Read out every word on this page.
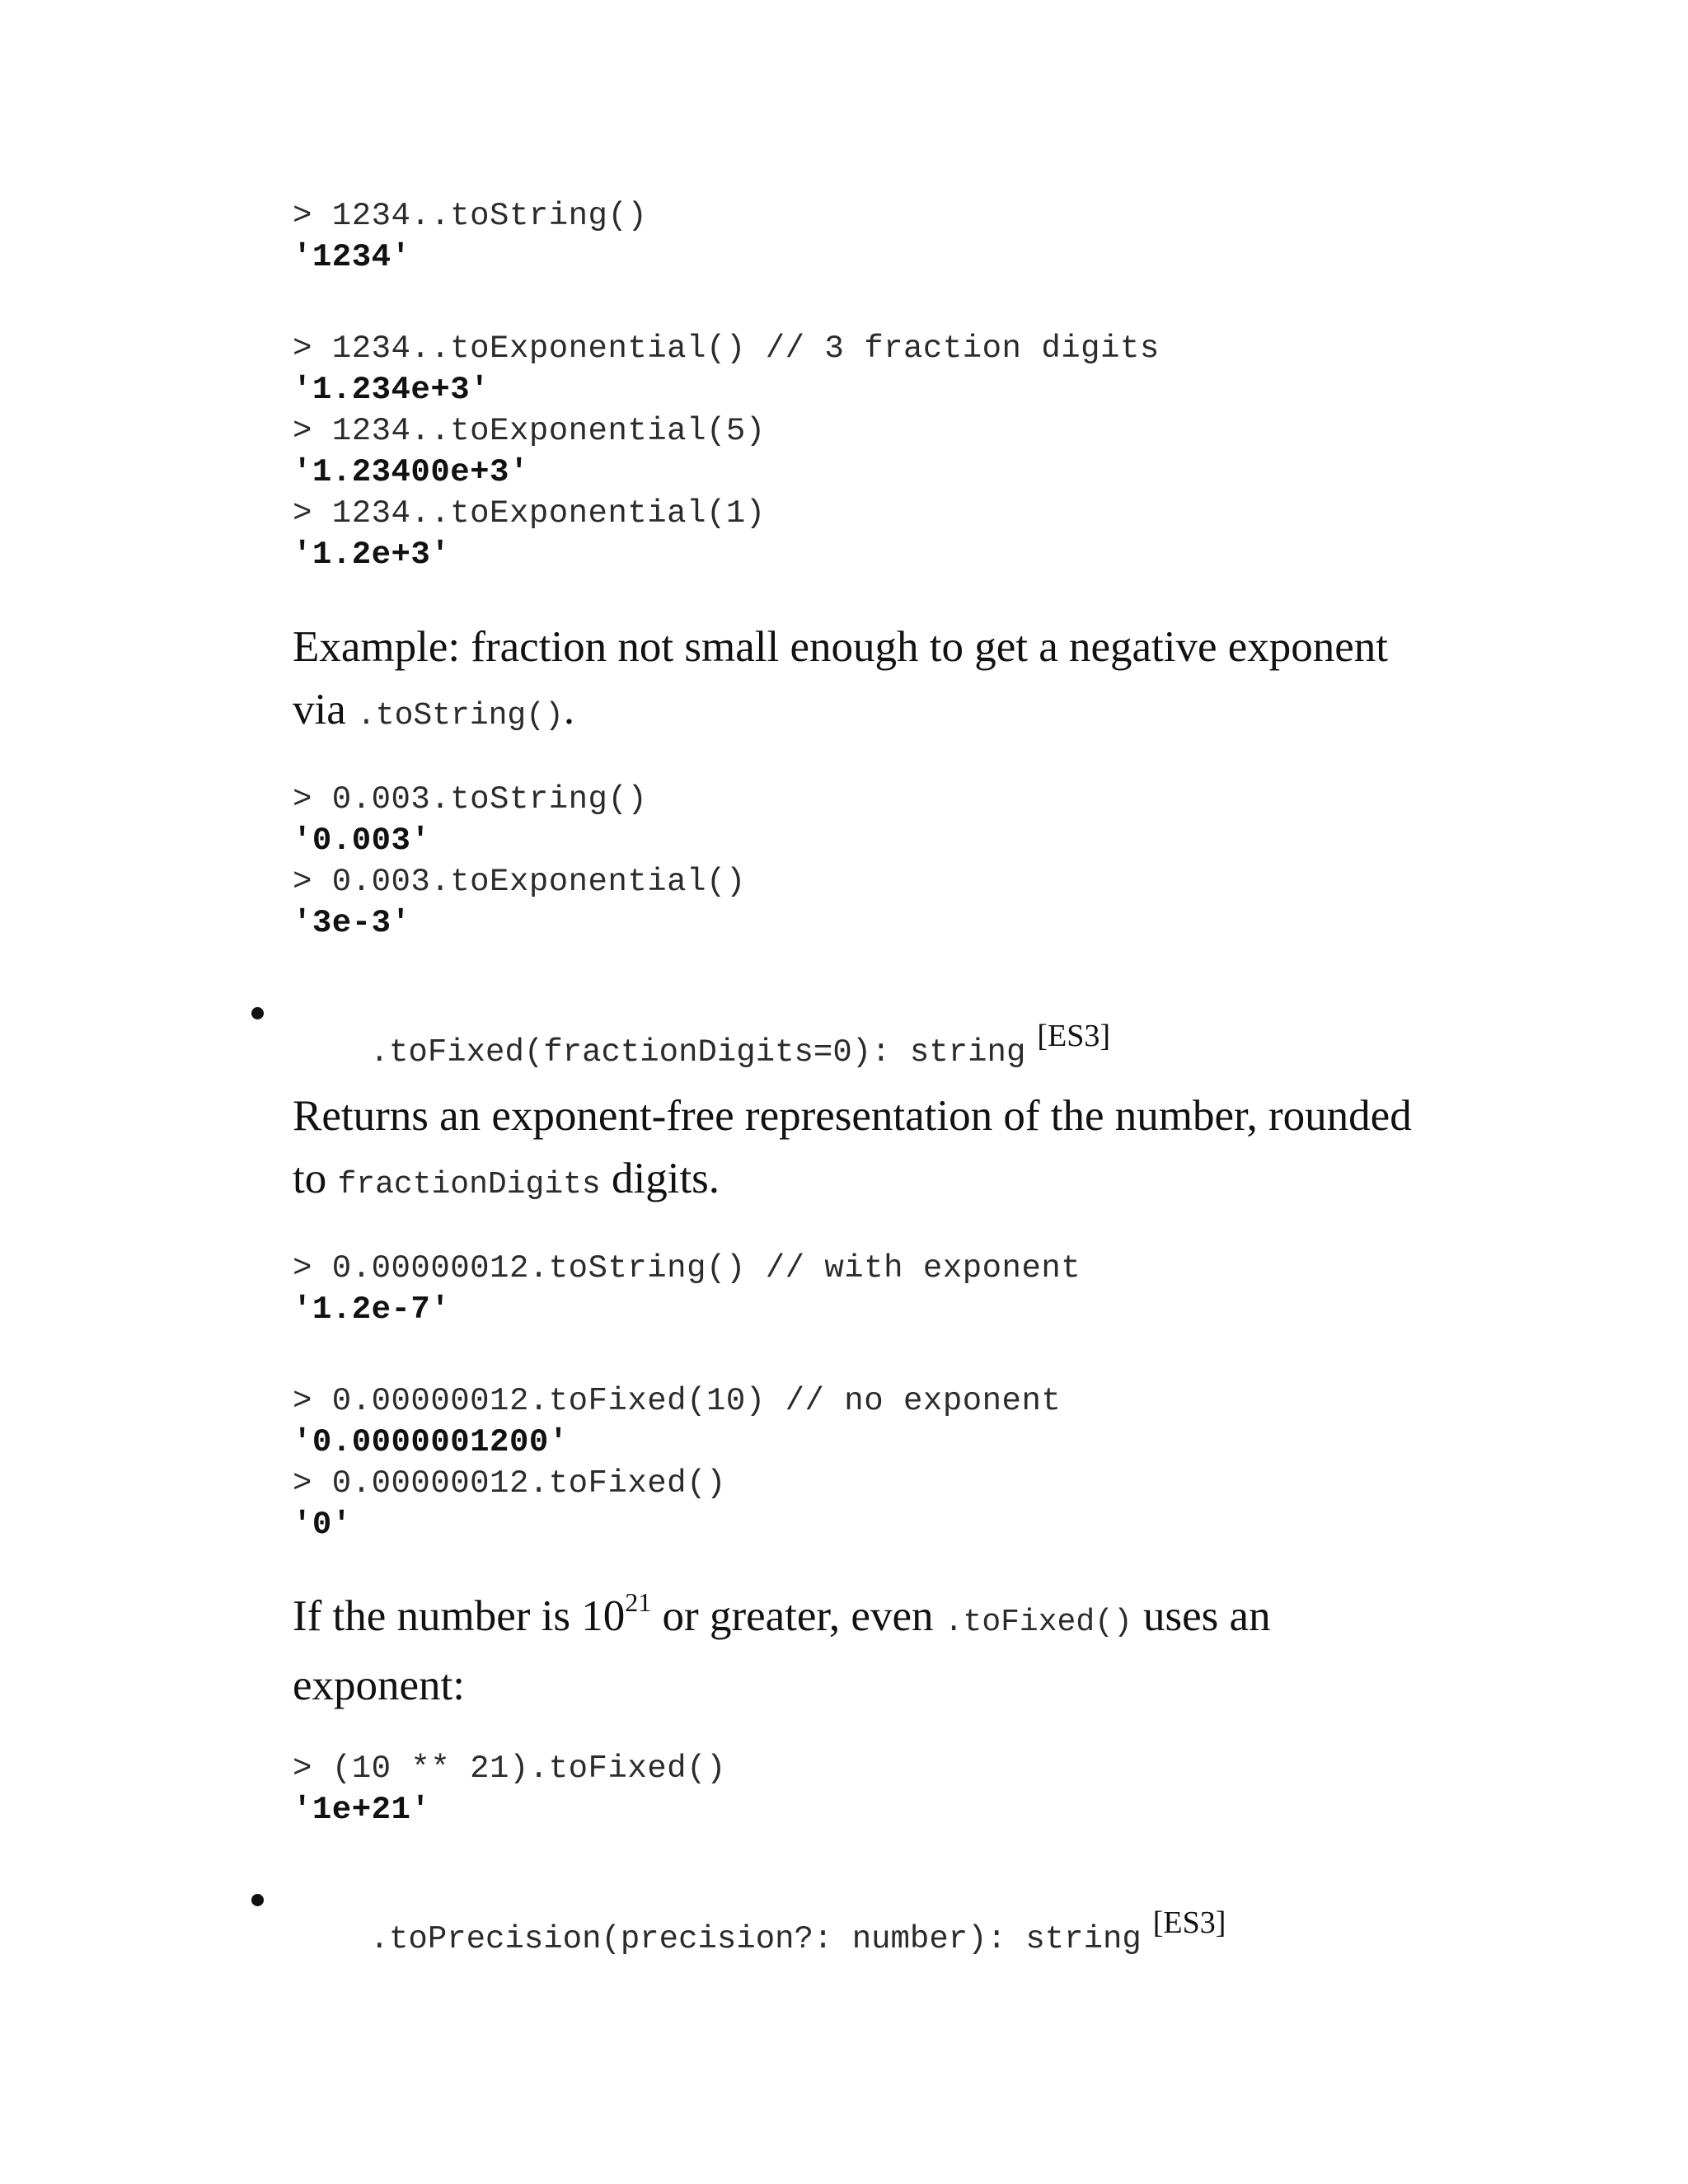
> 1234..toString()
'1234'
> 1234..toExponential() // 3 fraction digits
'1.234e+3'
> 1234..toExponential(5)
'1.23400e+3'
> 1234..toExponential(1)
'1.2e+3'
Example: fraction not small enough to get a negative exponent via .toString().
> 0.003.toString()
'0.003'
> 0.003.toExponential()
'3e-3'

.toFixed(fractionDigits=0): string [ES3]

Returns an exponent-free representation of the number, rounded to fractionDigits digits.
> 0.00000012.toString() // with exponent
'1.2e-7'
> 0.00000012.toFixed(10) // no exponent
'0.0000001200'
> 0.00000012.toFixed()
'0'
If the number is $10^{21}$ or greater, even .toFixed() uses an exponent:
> (10 ** 21).toFixed()
'1e+21'

.toPrecision(precision?: number): string [ES3]
